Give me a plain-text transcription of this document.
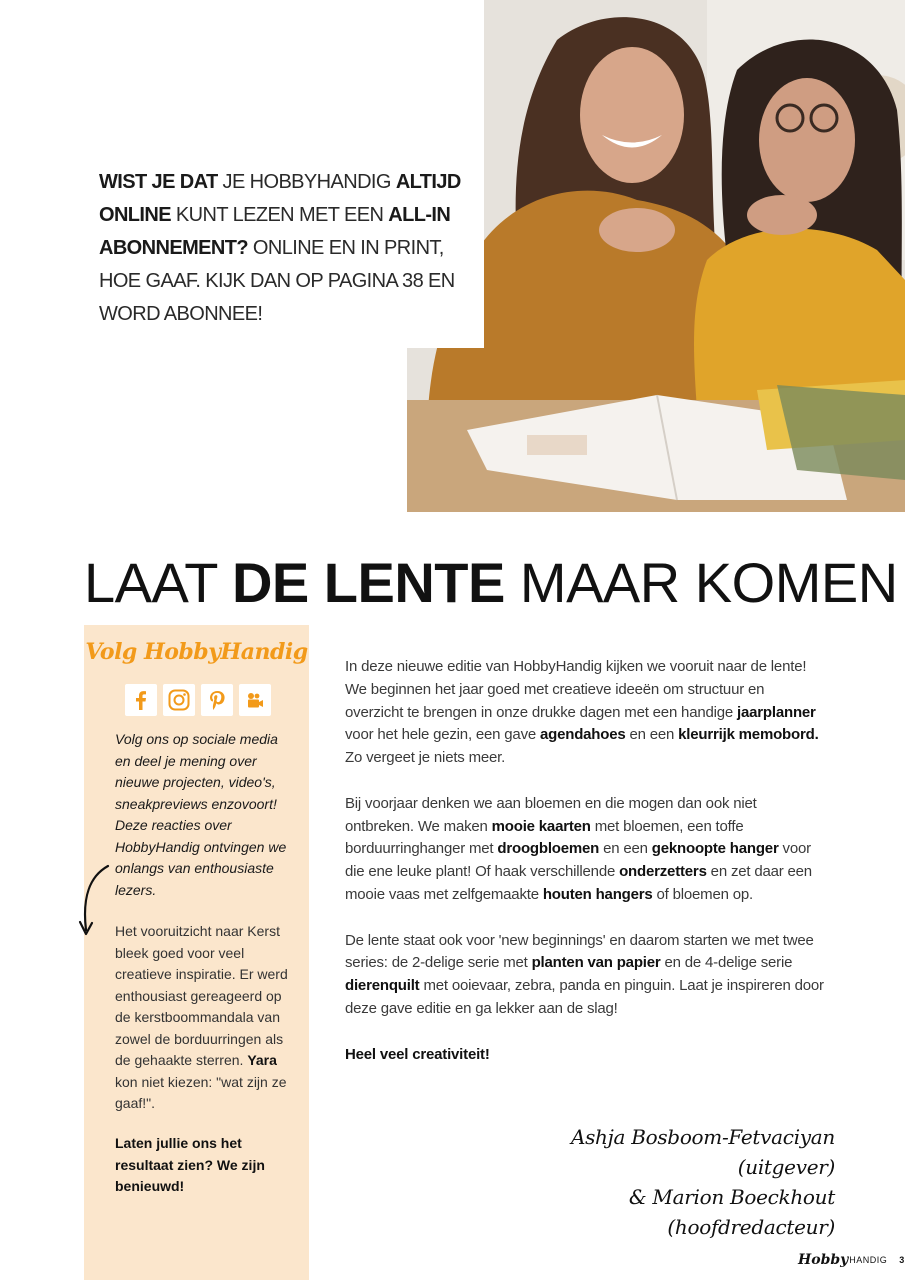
WIST JE DAT JE HOBBYHANDIG ALTIJD ONLINE KUNT LEZEN MET EEN ALL-IN ABONNEMENT? ONLINE EN IN PRINT, HOE GAAF. KIJK DAN OP PAGINA 38 EN WORD ABONNEE!
LAAT DE LENTE MAAR KOMEN
Volg HobbyHandig
Volg ons op sociale media en deel je mening over nieuwe projecten, video's, sneakpreviews enzovoort! Deze reacties over HobbyHandig ontvingen we onlangs van enthousiaste lezers.
Het vooruitzicht naar Kerst bleek goed voor veel creatieve inspiratie. Er werd enthousiast gereageerd op de kerstboommandala van zowel de borduurringen als de gehaakte sterren. Yara kon niet kiezen: "wat zijn ze gaaf!".
Laten jullie ons het resultaat zien? We zijn benieuwd!

In deze nieuwe editie van HobbyHandig kijken we vooruit naar de lente! We beginnen het jaar goed met creatieve ideeën om structuur en overzicht te brengen in onze drukke dagen met een handige jaarplanner voor het hele gezin, een gave agendahoes en een kleurrijk memobord. Zo vergeet je niets meer.

Bij voorjaar denken we aan bloemen en die mogen dan ook niet ontbreken. We maken mooie kaarten met bloemen, een toffe borduurringhanger met droogbloemen en een geknoopte hanger voor die ene leuke plant! Of haak verschillende onderzetters en zet daar een mooie vaas met zelfgemaakte houten hangers of bloemen op.

De lente staat ook voor 'new beginnings' en daarom starten we met twee series: de 2-delige serie met planten van papier en de 4-delige serie dierenquilt met ooievaar, zebra, panda en pinguin. Laat je inspireren door deze gave editie en ga lekker aan de slag!

Heel veel creativiteit!

Ashja Bosboom-Fetvaciyan (uitgever)
& Marion Boeckhout (hoofdredacteur)
Hobby HANDIG 3
